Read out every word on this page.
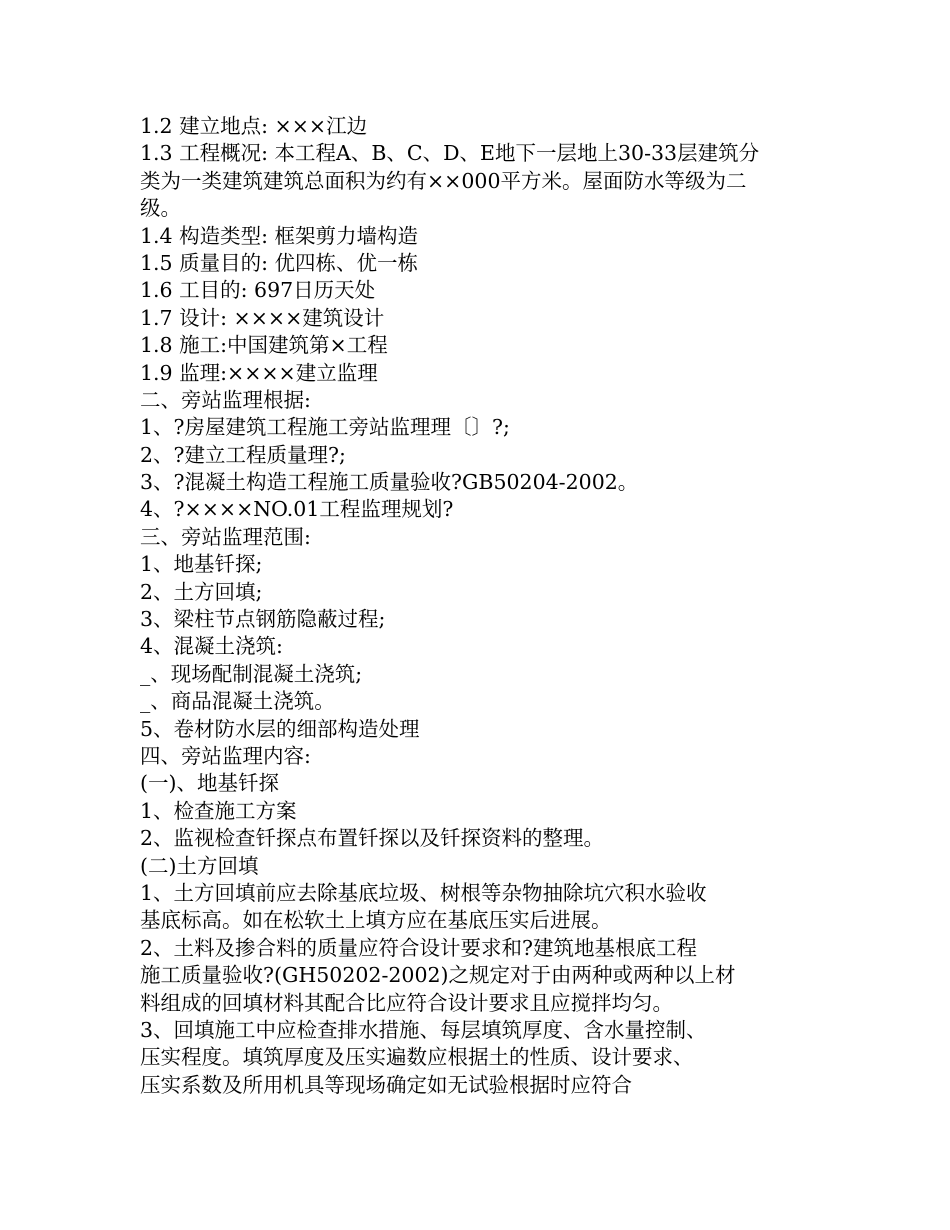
1.2 建立地点: ×××江边
1.3 工程概况: 本工程A、B、C、D、E地下一层地上30-33层建筑分
类为一类建筑建筑总面积为约有××000平方米。屋面防水等级为二
级。
1.4 构造类型: 框架剪力墙构造
1.5 质量目的: 优四栋、优一栋
1.6 工目的: 697日历天处
1.7 设计: ××××建筑设计
1.8 施工:中国建筑第×工程
1.9 监理:××××建立监理
二、旁站监理根据:
1、?房屋建筑工程施工旁站监理理〔〕?;
2、?建立工程质量理?;
3、?混凝土构造工程施工质量验收?GB50204-2002。
4、?××××NO.01工程监理规划?
三、旁站监理范围:
1、地基钎探;
2、土方回填;
3、梁柱节点钢筋隐蔽过程;
4、混凝土浇筑:
_、现场配制混凝土浇筑;
_、商品混凝土浇筑。
5、卷材防水层的细部构造处理
四、旁站监理内容:
(一)、地基钎探
1、检查施工方案
2、监视检查钎探点布置钎探以及钎探资料的整理。
(二)土方回填
1、土方回填前应去除基底垃圾、树根等杂物抽除坑穴积水验收
基底标高。如在松软土上填方应在基底压实后进展。
2、土料及掺合料的质量应符合设计要求和?建筑地基根底工程
施工质量验收?(GH50202-2002)之规定对于由两种或两种以上材
料组成的回填材料其配合比应符合设计要求且应搅拌均匀。
3、回填施工中应检查排水措施、每层填筑厚度、含水量控制、
压实程度。填筑厚度及压实遍数应根据土的性质、设计要求、
压实系数及所用机具等现场确定如无试验根据时应符合
